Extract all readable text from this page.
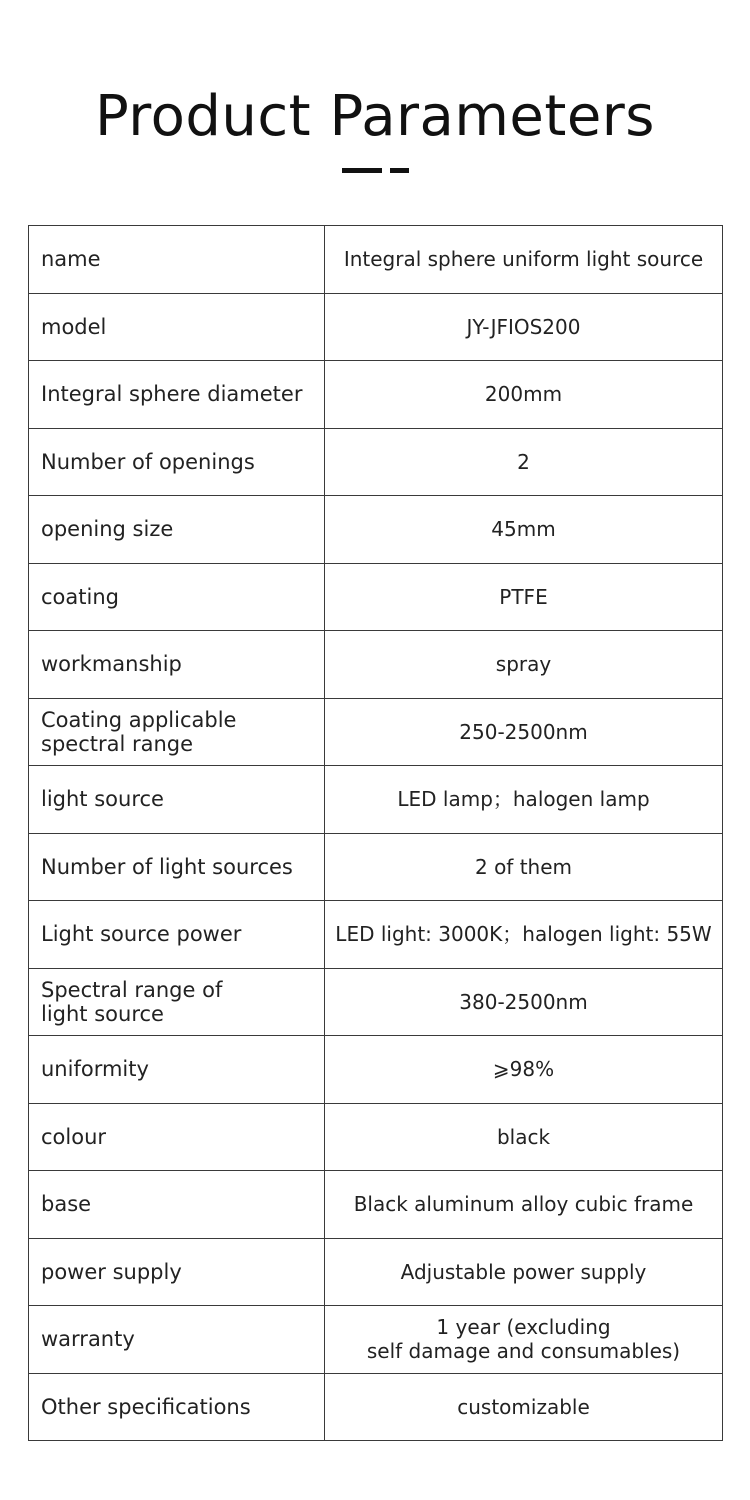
Product Parameters
name	Integral sphere uniform light source
model	JY-JFIOS200
Integral sphere diameter	200mm
Number of openings	2
opening size	45mm
coating	PTFE
workmanship	spray
Coating applicable
spectral range	250-2500nm
light source	LED lamp；halogen lamp
Number of light sources	2 of them
Light source power	LED light: 3000K；halogen light: 55W
Spectral range of
light source	380-2500nm
uniformity	⩾98%
colour	black
base	Black aluminum alloy cubic frame
power supply	Adjustable power supply
warranty	1 year (excluding
self damage and consumables)
Other specifications	customizable
